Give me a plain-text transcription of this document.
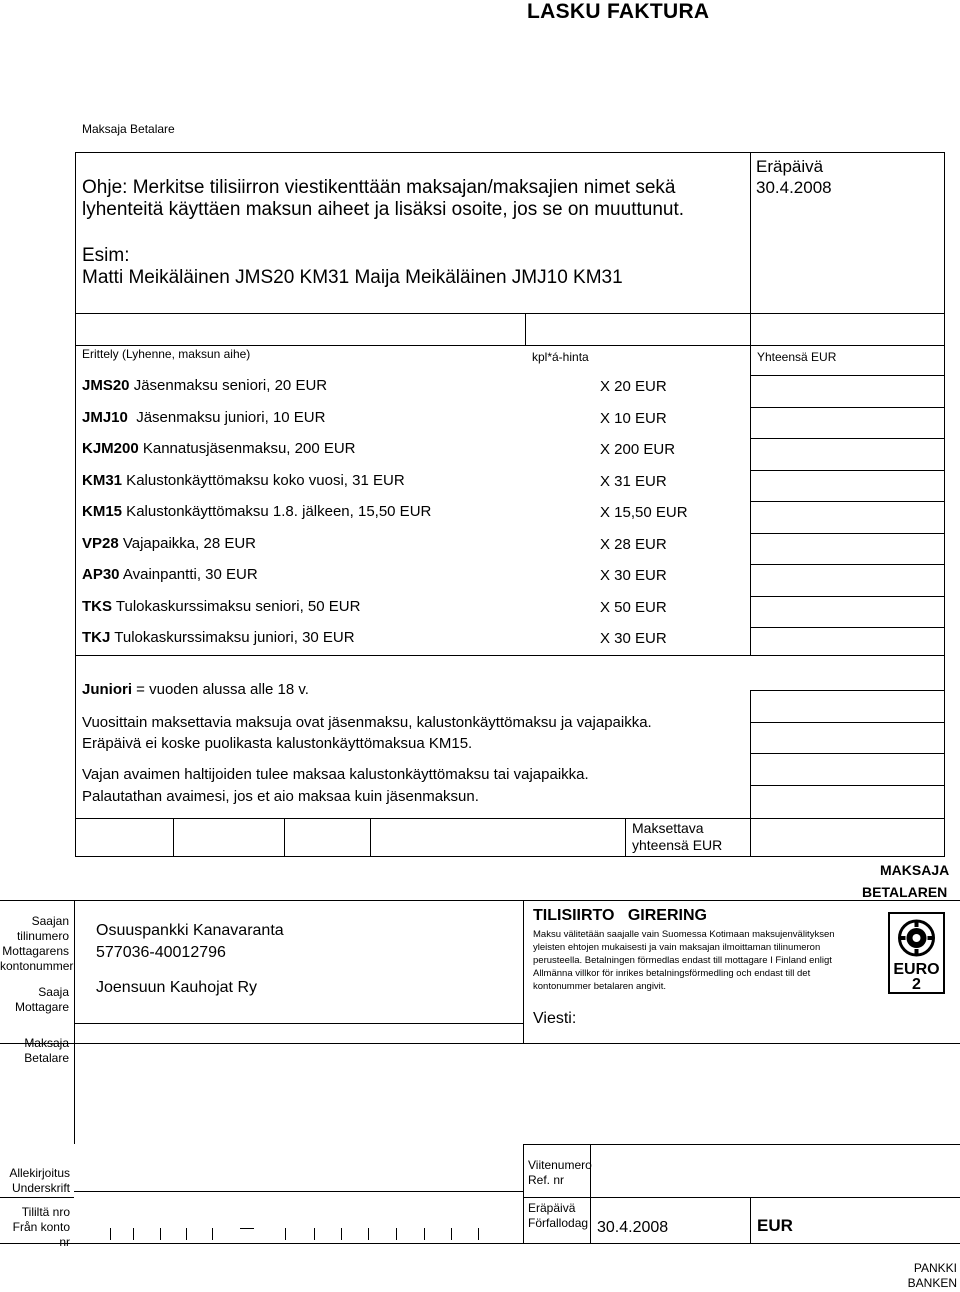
LASKU FAKTURA
Maksaja Betalare
Ohje: Merkitse tilisiirron viestikenttään maksajan/maksajien nimet sekä
lyhenteitä käyttäen maksun aiheet ja lisäksi osoite, jos se on muuttunut.
Esim:
Matti Meikäläinen JMS20 KM31 Maija Meikäläinen JMJ10 KM31
Eräpäivä
30.4.2008
Erittely (Lyhenne, maksun aihe)	kpl*á-hinta	Yhteensä EUR
JMS20 Jäsenmaksu seniori, 20 EUR	X 20 EUR
JMJ10  Jäsenmaksu juniori, 10 EUR	X 10 EUR
KJM200 Kannatusjäsenmaksu, 200 EUR	X 200 EUR
KM31 Kalustonkäyttömaksu koko vuosi, 31 EUR	X 31 EUR
KM15 Kalustonkäyttömaksu 1.8. jälkeen, 15,50 EUR	X 15,50 EUR
VP28 Vajapaikka, 28 EUR	X 28 EUR
AP30 Avainpantti, 30 EUR	X 30 EUR
TKS Tulokaskurssimaksu seniori, 50 EUR	X 50 EUR
TKJ Tulokaskurssimaksu juniori, 30 EUR	X 30 EUR
Juniori = vuoden alussa alle 18 v.
Vuosittain maksettavia maksuja ovat jäsenmaksu, kalustonkäyttömaksu ja vajapaikka.
Eräpäivä ei koske puolikasta kalustonkäyttömaksua KM15.
Vajan avaimen haltijoiden tulee maksaa kalustonkäyttömaksu tai vajapaikka.
Palautathan avaimesi, jos et aio maksaa kuin jäsenmaksun.
Maksettava
yhteensä EUR
MAKSAJA
BETALAREN
Saajan
tilinumero
Mottagarens
kontonummer
Saaja
Mottagare
Maksaja
Betalare
Osuuspankki Kanavaranta
577036-40012796
Joensuun Kauhojat Ry
TILISIIRTO   GIRERING
Maksu välitetään saajalle vain Suomessa Kotimaan maksujenvälityksen
yleisten ehtojen mukaisesti ja vain maksajan ilmoittaman tilinumeron
perusteella. Betalningen förmedlas endast till mottagare I Finland enligt
Allmänna villkor för inrikes betalningsförmedling och endast till det
kontonummer betalaren angivit.
Viesti:
EURO
2
Allekirjoitus
Underskrift
Tililtä nro
Från konto nr
Viitenumero
Ref. nr
Eräpäivä
Förfallodag 30.4.2008	EUR
PANKKI
BANKEN
